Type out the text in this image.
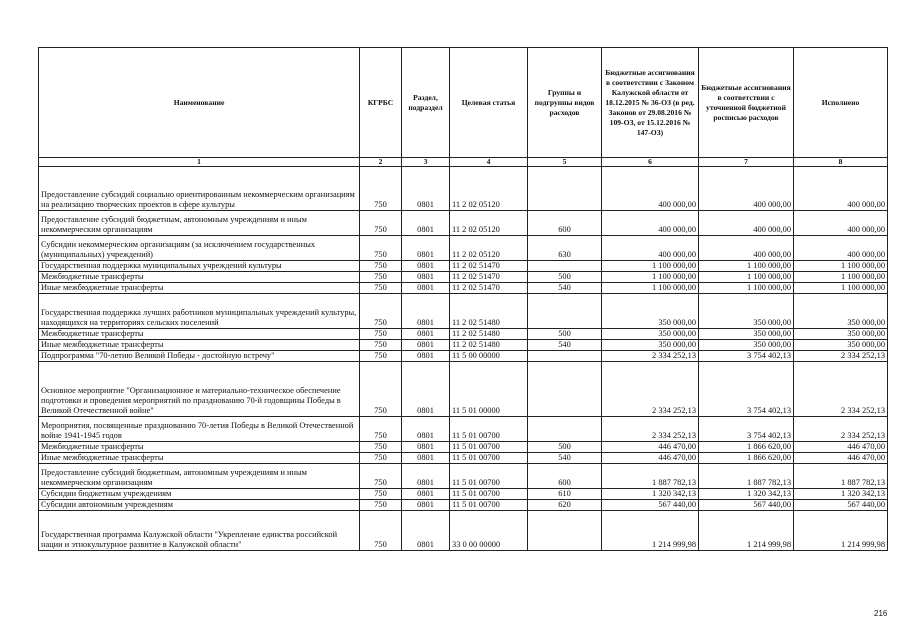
Наименование	КГРБС	Раздел, подраздел	Целевая статья	Группы и подгруппы видов расходов	Бюджетные ассигнования в соответствии с Законом Калужской области от 18.12.2015 № 36-ОЗ (в ред. Законов от 29.08.2016 № 109-ОЗ, от 15.12.2016 № 147-ОЗ)	Бюджетные ассигнования в соответствии с уточненной бюджетной росписью расходов	Исполнено
1	2	3	4	5	6	7	8
Предоставление субсидий социально ориентированным некоммерческим организациям на реализацию творческих проектов в сфере культуры	750	0801	11 2 02 05120		400 000,00	400 000,00	400 000,00
Предоставление субсидий бюджетным, автономным учреждениям и иным некоммерческим организациям	750	0801	11 2 02 05120	600	400 000,00	400 000,00	400 000,00
Субсидии некоммерческим организациям (за исключением государственных (муниципальных) учреждений)	750	0801	11 2 02 05120	630	400 000,00	400 000,00	400 000,00
Государственная поддержка муниципальных учреждений культуры	750	0801	11 2 02 51470		1 100 000,00	1 100 000,00	1 100 000,00
Межбюджетные трансферты	750	0801	11 2 02 51470	500	1 100 000,00	1 100 000,00	1 100 000,00
Иные межбюджетные трансферты	750	0801	11 2 02 51470	540	1 100 000,00	1 100 000,00	1 100 000,00
Государственная поддержка лучших работников муниципальных учреждений культуры, находящихся на территориях сельских поселений	750	0801	11 2 02 51480		350 000,00	350 000,00	350 000,00
Межбюджетные трансферты	750	0801	11 2 02 51480	500	350 000,00	350 000,00	350 000,00
Иные межбюджетные трансферты	750	0801	11 2 02 51480	540	350 000,00	350 000,00	350 000,00
Подпрограмма "70-летию Великой Победы - достойную встречу"	750	0801	11 5 00 00000		2 334 252,13	3 754 402,13	2 334 252,13
Основное мероприятие "Организационное и материально-техническое обеспечение подготовки и проведения мероприятий по празднованию 70-й годовщины Победы в Великой Отечественной войне"	750	0801	11 5 01 00000		2 334 252,13	3 754 402,13	2 334 252,13
Мероприятия, посвященные празднованию 70-летия Победы в Великой Отечественной войне 1941-1945 годов	750	0801	11 5 01 00700		2 334 252,13	3 754 402,13	2 334 252,13
Межбюджетные трансферты	750	0801	11 5 01 00700	500	446 470,00	1 866 620,00	446 470,00
Иные межбюджетные трансферты	750	0801	11 5 01 00700	540	446 470,00	1 866 620,00	446 470,00
Предоставление субсидий бюджетным, автономным учреждениям и иным некоммерческим организациям	750	0801	11 5 01 00700	600	1 887 782,13	1 887 782,13	1 887 782,13
Субсидии бюджетным учреждениям	750	0801	11 5 01 00700	610	1 320 342,13	1 320 342,13	1 320 342,13
Субсидии автономным учреждениям	750	0801	11 5 01 00700	620	567 440,00	567 440,00	567 440,00
Государственная программа Калужской области "Укрепление единства российской нации и этнокультурное развитие в Калужской области"	750	0801	33 0 00 00000		1 214 999,98	1 214 999,98	1 214 999,98
216
